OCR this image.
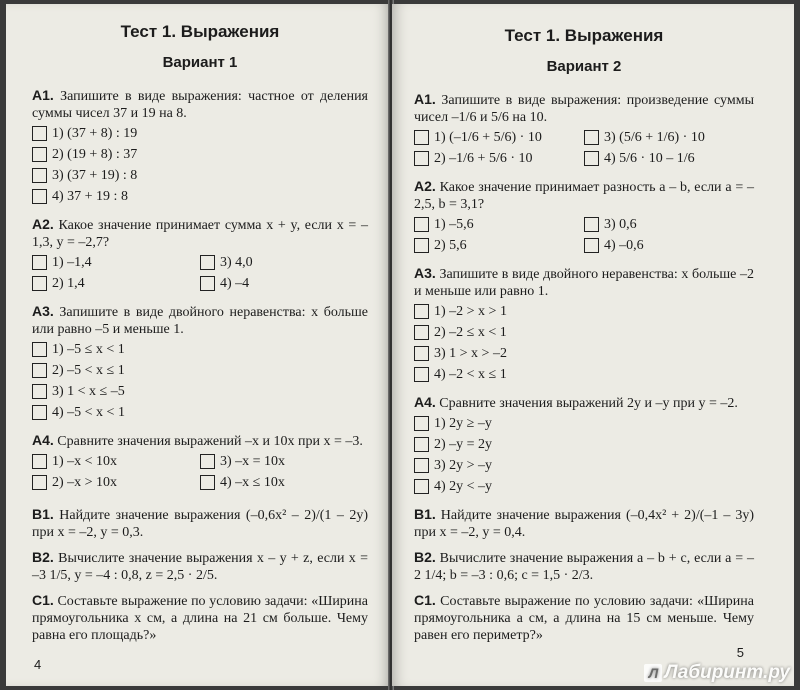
Тест 1. Выражения
Вариант 1

А1. Запишите в виде выражения: частное от деления суммы чисел 37 и 19 на 8.

1) (37 + 8) : 19
2) (19 + 8) : 37
3) (37 + 19) : 8
4) 37 + 19 : 8

А2. Какое значение принимает сумма x + y, если x = –1,3, y = –2,7?

1) –1,4	3) 4,0
2) 1,4	4) –4

А3. Запишите в виде двойного неравенства: x больше или равно –5 и меньше 1.

1) –5 ≤ x < 1
2) –5 < x ≤ 1
3) 1 < x ≤ –5
4) –5 < x < 1

А4. Сравните значения выражений –x и 10x при x = –3.

1) –x < 10x	3) –x = 10x
2) –x > 10x	4) –x ≤ 10x

В1. Найдите значение выражения (–0,6x² – 2)/(1 – 2y) при x = –2, y = 0,3.

В2. Вычислите значение выражения x – y + z, если x = –3 1/5, y = –4 : 0,8, z = 2,5 · 2/5.

С1. Составьте выражение по условию задачи: «Ширина прямоугольника x см, а длина на 21 см больше. Чему равна его площадь?»

4
Тест 1. Выражения
Вариант 2

А1. Запишите в виде выражения: произведение суммы чисел –1/6 и 5/6 на 10.

1) (–1/6 + 5/6) · 10	3) (5/6 + 1/6) · 10
2) –1/6 + 5/6 · 10	4) 5/6 · 10 – 1/6

А2. Какое значение принимает разность a – b, если a = –2,5, b = 3,1?

1) –5,6	3) 0,6
2) 5,6	4) –0,6

А3. Запишите в виде двойного неравенства: x больше –2 и меньше или равно 1.

1) –2 > x > 1
2) –2 ≤ x < 1
3) 1 > x > –2
4) –2 < x ≤ 1

А4. Сравните значения выражений 2y и –y при y = –2.

1) 2y ≥ –y
2) –y = 2y
3) 2y > –y
4) 2y < –y

В1. Найдите значение выражения (–0,4x² + 2)/(–1 – 3y) при x = –2, y = 0,4.

В2. Вычислите значение выражения a – b + c, если a = –2 1/4; b = –3 : 0,6; c = 1,5 · 2/3.

С1. Составьте выражение по условию задачи: «Ширина прямоугольника a см, а длина на 15 см меньше. Чему равен его периметр?»

5
Л Лабиринт.ру
